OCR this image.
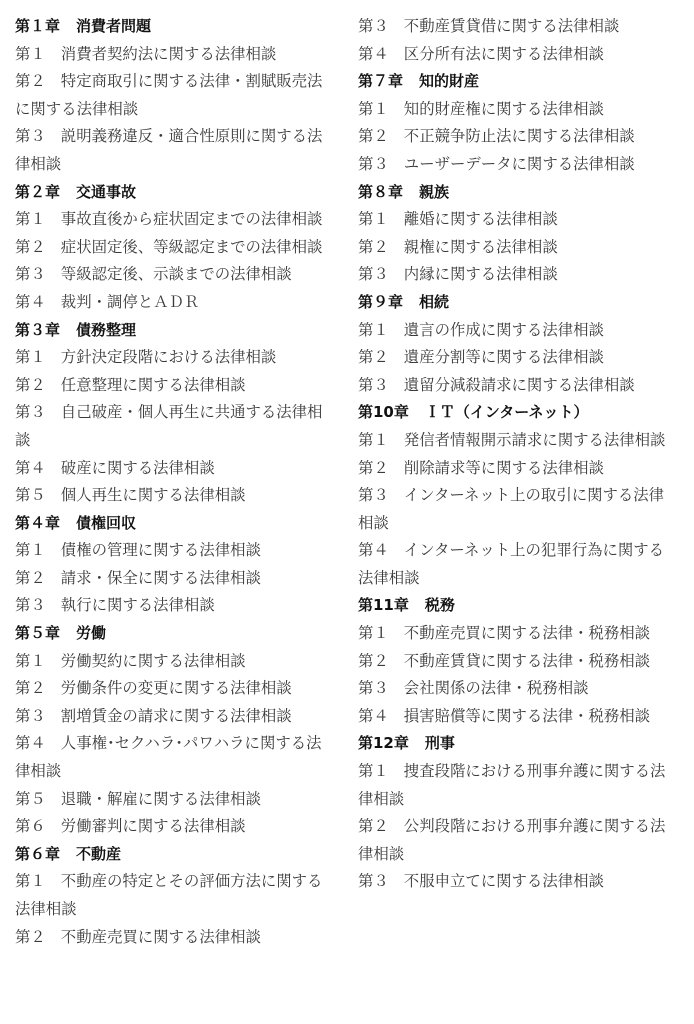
第１章 消費者問題
第１ 消費者契約法に関する法律相談
第２ 特定商取引に関する法律・割賦販売法に関する法律相談
第３ 説明義務違反・適合性原則に関する法律相談
第２章 交通事故
第１ 事故直後から症状固定までの法律相談
第２ 症状固定後、等級認定までの法律相談
第３ 等級認定後、示談までの法律相談
第４ 裁判・調停とＡＤＲ
第３章 債務整理
第１ 方針決定段階における法律相談
第２ 任意整理に関する法律相談
第３ 自己破産・個人再生に共通する法律相談
第４ 破産に関する法律相談
第５ 個人再生に関する法律相談
第４章 債権回収
第１ 債権の管理に関する法律相談
第２ 請求・保全に関する法律相談
第３ 執行に関する法律相談
第５章 労働
第１ 労働契約に関する法律相談
第２ 労働条件の変更に関する法律相談
第３ 割増賃金の請求に関する法律相談
第４ 人事権･セクハラ･パワハラに関する法律相談
第５ 退職・解雇に関する法律相談
第６ 労働審判に関する法律相談
第６章 不動産
第１ 不動産の特定とその評価方法に関する法律相談
第２ 不動産売買に関する法律相談
第３ 不動産賃貸借に関する法律相談
第４ 区分所有法に関する法律相談
第７章 知的財産
第１ 知的財産権に関する法律相談
第２ 不正競争防止法に関する法律相談
第３ ユーザーデータに関する法律相談
第８章 親族
第１ 離婚に関する法律相談
第２ 親権に関する法律相談
第３ 内縁に関する法律相談
第９章 相続
第１ 遺言の作成に関する法律相談
第２ 遺産分割等に関する法律相談
第３ 遺留分減殺請求に関する法律相談
第10章 ＩＴ（インターネット）
第１ 発信者情報開示請求に関する法律相談
第２ 削除請求等に関する法律相談
第３ インターネット上の取引に関する法律相談
第４ インターネット上の犯罪行為に関する法律相談
第11章 税務
第１ 不動産売買に関する法律・税務相談
第２ 不動産賃貸に関する法律・税務相談
第３ 会社関係の法律・税務相談
第４ 損害賠償等に関する法律・税務相談
第12章 刑事
第１ 捜査段階における刑事弁護に関する法律相談
第２ 公判段階における刑事弁護に関する法律相談
第３ 不服申立てに関する法律相談
